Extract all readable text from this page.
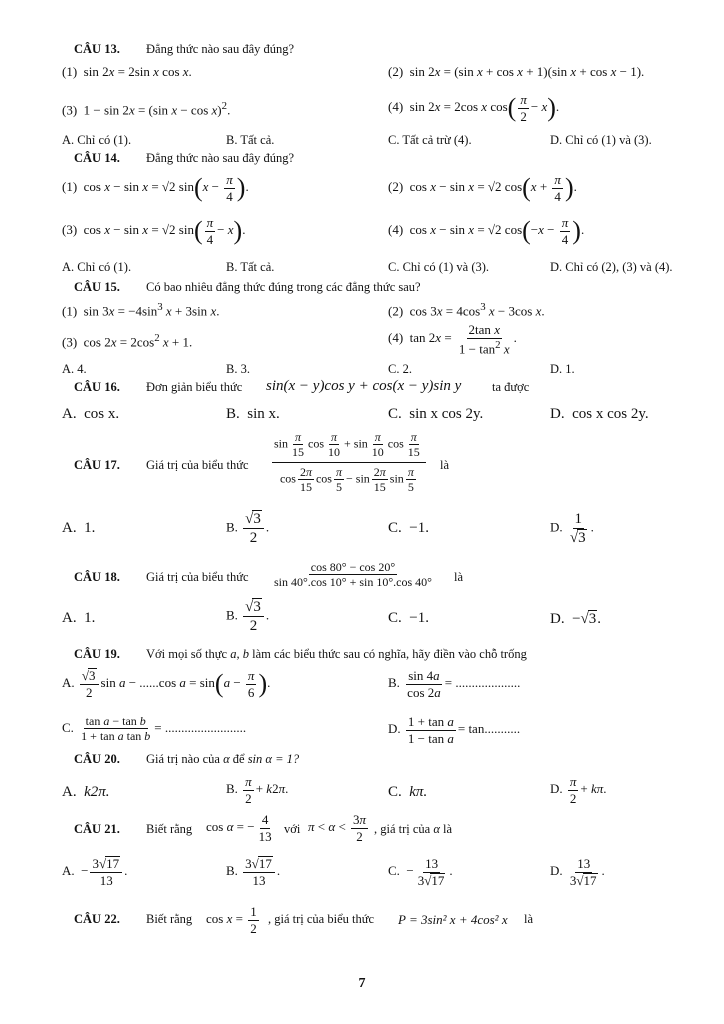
CÂU 13. Đẳng thức nào sau đây đúng?
(1)  sin 2x = 2sin x cos x.	(2)  sin 2x = (sin x + cos x + 1)(sin x + cos x − 1).
(3)  1 − sin 2x = (sin x − cos x)$^2$.	(4)  sin 2x = 2cos x $\cos( \frac{\pi}{2} - x)$.
A. Chỉ có (1).	B. Tất cả.	C. Tất cả trừ (4).	D. Chỉ có (1) và (3).
CÂU 14. Đẳng thức nào sau đây đúng?
(1)  cos x − sin x = √2 $\sin(x - \frac{\pi}{4}$ ).	(2)  cos x − sin x = √2 $\cos(x + \frac{\pi}{4}$ ).
(3)  cos x − sin x = √2 $\sin( \frac{\pi}{4} - x)$.	(4)  cos x − sin x = √2 $\cos(-x - \frac{\pi}{4}$ ).
A. Chỉ có (1).	B. Tất cả.	C. Chỉ có (1) và (3).	D. Chỉ có (2), (3) và (4).
CÂU 15. Có bao nhiêu đẳng thức đúng trong các đẳng thức sau?
(1)  $\sin 3x = -4\sin^3$ x + 3sin x.	(2)  $\cos 3x = 4\cos^3$ x − 3cos x.
(3)  $\cos 2x = 2\cos^2$ x + 1.	(4)  $\tan 2x = \frac{\text{2tan x}}{1 - \tan^2 x}$ .
A. 4.	B. 3.	C. 2.	D. 1.
CÂU 16. Đơn giản biểu thức sin(x − y)cos y + cos(x − y)sin y ta được
A.  cos x.	B.  sin x.	C.  sin x cos 2y.	D.  cos x cos 2y.
CÂU 17. Giá trị của biểu thức $\frac{\sin \frac{\pi}{15} \cos \frac{\pi}{10} + \sin \frac{\pi}{10} \cos \frac{\pi}{15}}{\cos \frac{2\pi}{15} \cos \frac{\pi}{5} - \sin \frac{2\pi}{15} \sin \frac{\pi}{5}}$ là
A.  1.	B. $\frac{√3}{2}$ .	C.  −1.	D. $\frac{1}{√3}$ .
CÂU 18. Giá trị của biểu thức $\frac{\cos 80^\circ - \cos 20^\circ}{\sin 40^\circ.\cos 10^\circ + \sin 10^\circ.\cos 40^\circ}$ là
A.  1.	B. $\frac{√3}{2}$ .	C.  −1.	D.  −√3.
CÂU 19. Với mọi số thực a, b làm các biểu thức sau có nghĩa, hãy điền vào chỗ trống
A. $\frac{√3}{2}$ sin a − ......cos $a = \sin(a - \frac{\pi}{6}$ ).	B. $\frac{\sin 4a}{\cos 2a}$ = ....................
C. $\frac{\text{tan a − tan b}}{\text{1 + tan a tan b}}$ = .........................	D. $\frac{\text{1 + tan a}}{\text{1 − tan a}} = \tan$...........
CÂU 20. Giá trị nào của α để sin α = 1?
A.  k2π.	B. $\frac{\pi}{2} + k2\pi$.	C.  kπ.	D. $\frac{\pi}{2} + k\pi$.
CÂU 21. Biết rằng cos α = − $\frac{4}{13}$ với $\pi < \alpha < \frac{3\pi}{2}$ , giá trị của α là
A.  − $\frac{3√17}{13}$ .	B. $\frac{3√17}{13}$ .	C.  − $\frac{13}{3√17}$ .	D. $\frac{13}{3√17}$ .
CÂU 22. Biết rằng $\cos x = \frac{1}{2}$ , giá trị của biểu thức P = 3sin² x + 4cos² x là
7
